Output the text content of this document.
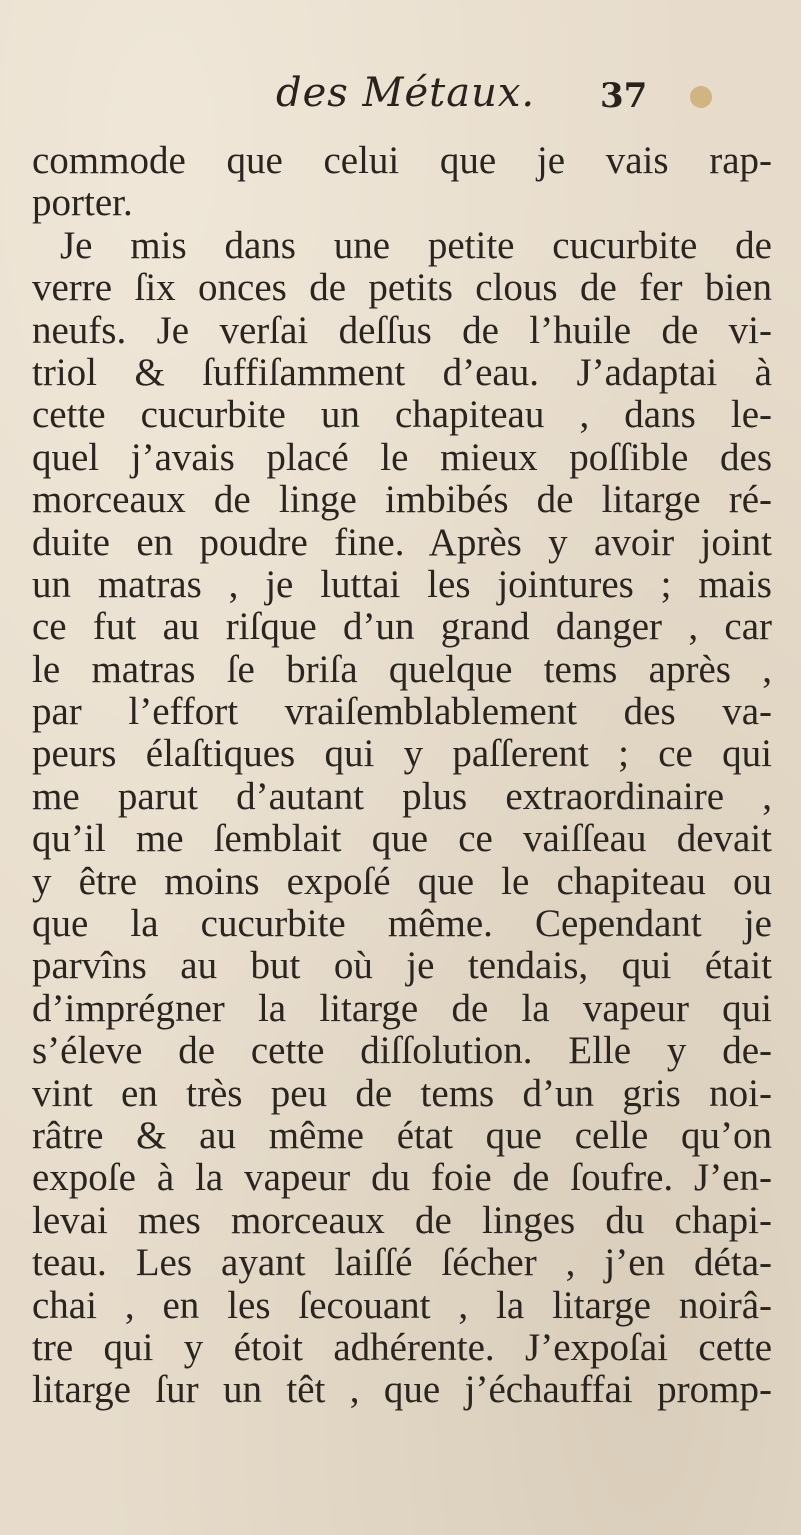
des Métaux. 37
commode que celui que je vais rap-
porter.
Je mis dans une petite cucurbite de
verre ſix onces de petits clous de fer bien
neufs. Je verſai deſſus de l’huile de vi-
triol & ſuffiſamment d’eau. J’adaptai à
cette cucurbite un chapiteau , dans le-
quel j’avais placé le mieux poſſible des
morceaux de linge imbibés de litarge ré-
duite en poudre fine. Après y avoir joint
un matras , je luttai les jointures ; mais
ce fut au riſque d’un grand danger , car
le matras ſe briſa quelque tems après ,
par l’effort vraiſemblablement des va-
peurs élaſtiques qui y paſſerent ; ce qui
me parut d’autant plus extraordinaire ,
qu’il me ſemblait que ce vaiſſeau devait
y être moins expoſé que le chapiteau ou
que la cucurbite même. Cependant je
parvîns au but où je tendais, qui était
d’imprégner la litarge de la vapeur qui
s’éleve de cette diſſolution. Elle y de-
vint en très peu de tems d’un gris noi-
râtre & au même état que celle qu’on
expoſe à la vapeur du foie de ſoufre. J’en-
levai mes morceaux de linges du chapi-
teau. Les ayant laiſſé ſécher , j’en déta-
chai , en les ſecouant , la litarge noirâ-
tre qui y étoit adhérente. J’expoſai cette
litarge ſur un têt , que j’échauffai promp-
